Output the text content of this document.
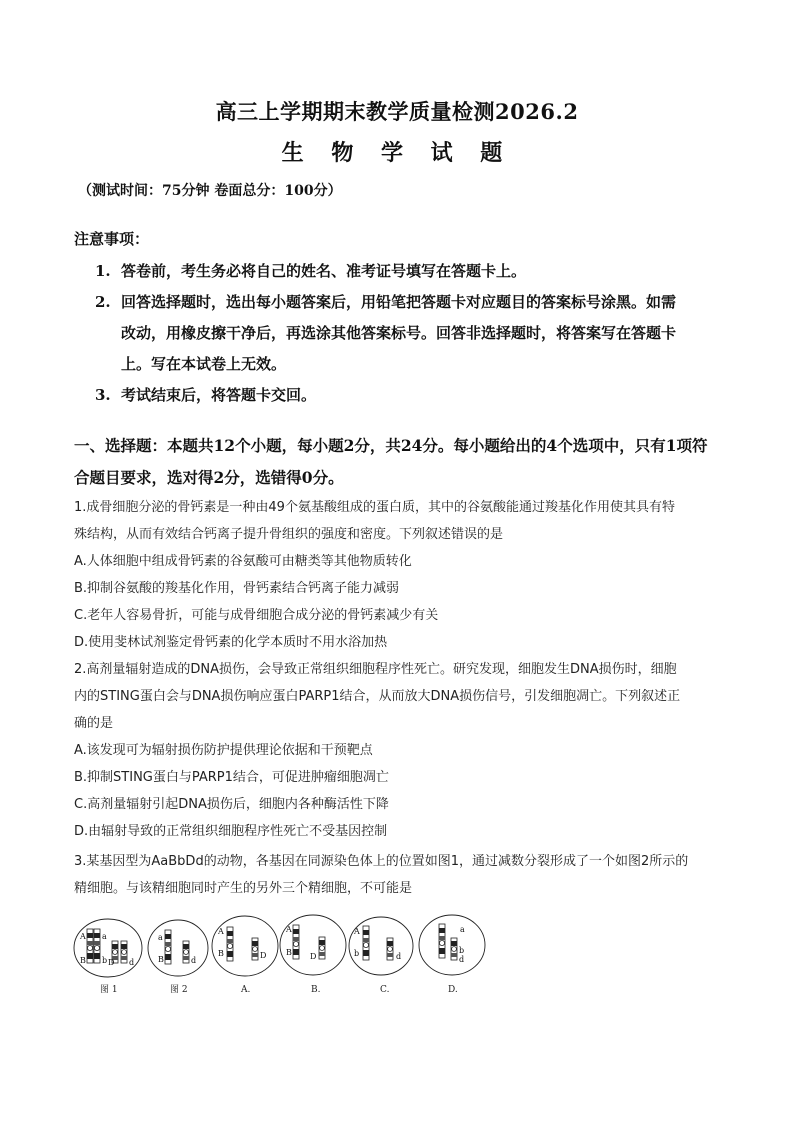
高三上学期期末教学质量检测2026.2
生 物 学 试 题
（测试时间：75分钟 卷面总分：100分）
注意事项：
1. 答卷前，考生务必将自己的姓名、准考证号填写在答题卡上。
2. 回答选择题时，选出每小题答案后，用铅笔把答题卡对应题目的答案标号涂黑。如需
改动，用橡皮擦干净后，再选涂其他答案标号。回答非选择题时，将答案写在答题卡
上。写在本试卷上无效。
3. 考试结束后，将答题卡交回。
一、选择题：本题共12个小题，每小题2分，共24分。每小题给出的4个选项中，只有1项符
合题目要求，选对得2分，选错得0分。
1.成骨细胞分泌的骨钙素是一种由49个氨基酸组成的蛋白质，其中的谷氨酸能通过羧基化作用使其具有特
殊结构，从而有效结合钙离子提升骨组织的强度和密度。下列叙述错误的是
A.人体细胞中组成骨钙素的谷氨酸可由糖类等其他物质转化
B.抑制谷氨酸的羧基化作用，骨钙素结合钙离子能力减弱
C.老年人容易骨折，可能与成骨细胞合成分泌的骨钙素减少有关
D.使用斐林试剂鉴定骨钙素的化学本质时不用水浴加热
2.高剂量辐射造成的DNA损伤，会导致正常组织细胞程序性死亡。研究发现，细胞发生DNA损伤时，细胞
内的STING蛋白会与DNA损伤响应蛋白PARP1结合，从而放大DNA损伤信号，引发细胞凋亡。下列叙述正
确的是
A.该发现可为辐射损伤防护提供理论依据和干预靶点
B.抑制STING蛋白与PARP1结合，可促进肿瘤细胞凋亡
C.高剂量辐射引起DNA损伤后，细胞内各种酶活性下降
D.由辐射导致的正常组织细胞程序性死亡不受基因控制
3.某基因型为AaBbDd的动物，各基因在同源染色体上的位置如图1，通过减数分裂形成了一个如图2所示的
精细胞。与该精细胞同时产生的另外三个精细胞，不可能是
A
B
a
b D d
图 1
a
B	d
图 2
A
B	D
A.
A
B D
B.
A
b	d
C.
a
b
d
D.
